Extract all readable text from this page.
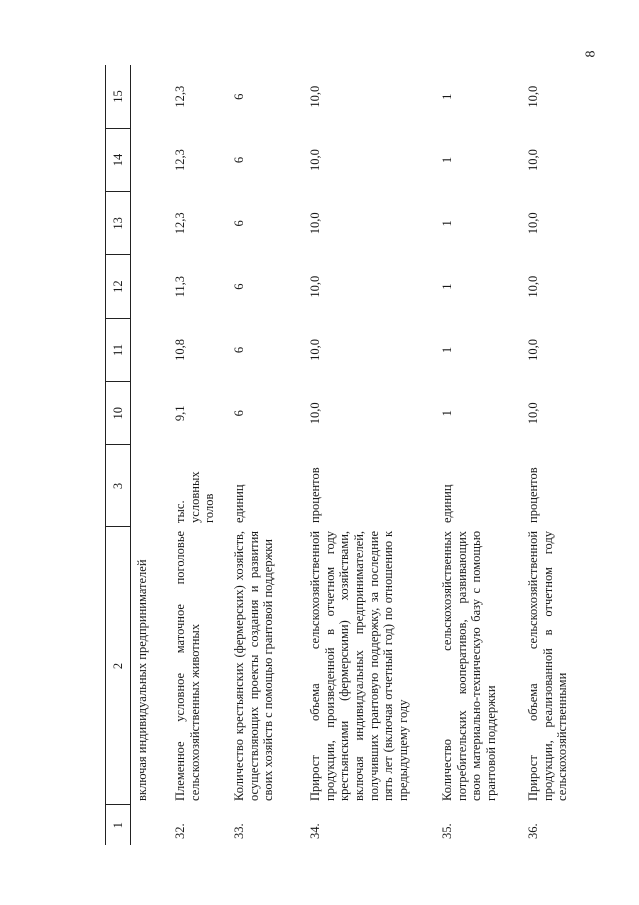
8
1	2	3	10	11	12	13	14	15
	включая индивидуальных предпринимателей							
32.	Племенное условное маточное поголовье сельскохозяйственных животных	тыс. условных голов	9,1	10,8	11,3	12,3	12,3	12,3
33.	Количество крестьянских (фермерских) хозяйств, осуществляющих проекты создания и развития своих хозяйств с помощью грантовой поддержки	единиц	6	6	6	6	6	6
34.	Прирост объема сельскохозяйственной продукции, произведенной в отчетном году крестьянскими (фермерскими) хозяйствами, включая индивидуальных предпринимателей, получивших грантовую поддержку, за последние пять лет (включая отчетный год) по отношению к предыдущему году	процентов	10,0	10,0	10,0	10,0	10,0	10,0
35.	Количество сельскохозяйственных потребительских кооперативов, развивающих свою материально-техническую базу с помощью грантовой поддержки	единиц	1	1	1	1	1	1
36.	Прирост объема сельскохозяйственной продукции, реализованной в отчетном году сельскохозяйственными	процентов	10,0	10,0	10,0	10,0	10,0	10,0
